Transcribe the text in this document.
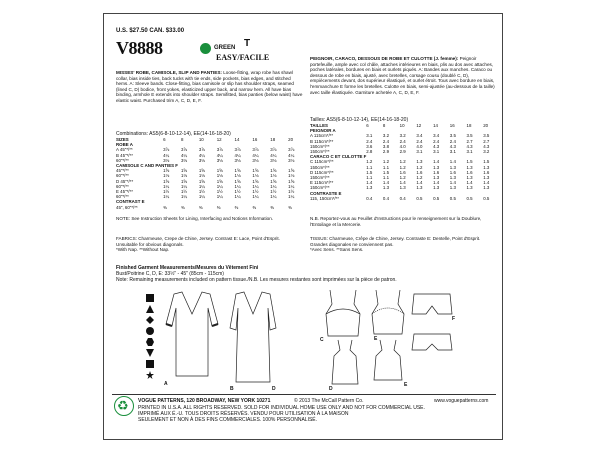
U.S. $27.50 CAN. $33.00
V8888	GREEN T
EASY/FACILE
MISSES' ROBE, CAMISOLE, SLIP AND PANTIES: Loose-fitting, wrap robe has shawl collar, bias inside ties, back tucks with tie ends, side pockets, bias edges, and stitched hems. A: Sleeve bands. Close-fitting, bias camisole or slip has shoulder straps, seamed (lined C, D) bodice, front yokes, elasticized upper back, and narrow hem. All have bias binding, armhole E extends into shoulder straps. Semifitted, bias panties (below waist) have elastic waist. Purchased trim A, C, D, E, F.
PEIGNOIR, CARACO, DESSOUS DE ROBE ET CULOTTE (J. femme): Peignoir portefeuille, ample avec col châle, attaches intérieures en biais, plis au dos avec attaches, poches latérales, bordures en biais et ourlets piqués. A: Bandes aux manches. Caraco ou dessous de robe en biais, ajusté, avec bretelles, corsage cousu (doublé C, D), empiècements devant, dos supérieur élastiqué, et ourlet étroit. Tous avec bordure en biais, l'emmanchure E forme les bretelles. Culotte en biais, semi-ajustée (au-dessous de la taille) avec taille élastiquée. Garniture achetée A, C, D, E, F.
Combinations: AS5(6-8-10-12-14), EE(14-16-18-20)
SIZES	6	8	10	12	14	16	18	20
ROBE A								
A 45"*/**	3⅞	3⅞	3⅞	3⅞	3⅞	3⅞	3⅞	3⅞
B 45"*/**	4¼	4¼	4¼	4¼	4¼	4¼	4¼	4¼
60"*/**	3⅛	3⅛	3⅛	3⅛	3⅛	3⅛	3⅛	3⅛
CAMISOLE C AND PANTIES F								
45"*/**	1⅝	1⅝	1⅝	1⅝	1⅝	1⅝	1⅝	1⅝
60"*/**	1⅛	1⅛	1⅛	1⅛	1⅛	1⅛	1⅛	1⅛
D 45"*/**	1⅝	1⅝	1⅝	1⅝	1⅝	1⅝	1⅝	1⅝
60"*/**	1¼	1¼	1¼	1¼	1¼	1¼	1¼	1¼
E 45"*/**	1½	1½	1½	1½	1½	1½	1½	1½
60"*/**	1¼	1¼	1¼	1¼	1¼	1¼	1¼	1¼
CONTRAST E								
45", 60"*/**	⅜	⅜	⅜	⅜	⅜	⅜	⅜	⅜
Tailles: AS5(6-8-10-12-14), EE(14-16-18-20)
TAILLES	6	8	10	12	14	16	18	20
PEIGNOIR A								
A 115cm*/**	3.1	3.2	3.2	3.4	3.4	3.5	3.5	3.5
B 115cm*/**	2.4	2.4	2.4	2.4	2.4	2.4	2.7	2.7
150cm*/**	3.6	3.8	4.0	4.0	4.3	4.3	4.3	4.3
150cm*/**	2.8	2.9	2.9	3.1	3.1	3.1	3.1	3.2
CARACO C ET CULOTTE F								
C 115cm*/**	1.2	1.2	1.2	1.3	1.4	1.4	1.5	1.5
150cm*/**	1.1	1.1	1.2	1.2	1.3	1.3	1.3	1.3
D 115cm*/**	1.5	1.5	1.6	1.6	1.6	1.6	1.6	1.6
150cm*/**	1.1	1.1	1.2	1.2	1.3	1.3	1.3	1.3
E 115cm*/**	1.4	1.4	1.4	1.4	1.4	1.4	1.4	1.4
150cm*/**	1.3	1.3	1.3	1.3	1.3	1.3	1.3	1.3
CONTRASTE E								
115, 150cm*/**	0.4	0.4	0.4	0.5	0.5	0.5	0.5	0.5
NOTE: See Instruction Sheets for Lining, Interfacing and Notions Information.	N.B. Reportez-vous au Feuillet d'Instructions pour le renseignement sur la Doublure, l'Entoilage et la Mercerie.
FABRICS: Charmeuse, Crepe de Chine, Jersey. Contrast E: Lace, Point d'Esprit.
Unsuitable for obvious diagonals.
*With Nap. **Without Nap.
TISSUS: Charmeuse, Crêpe de Chine, Jersey. Contraste E: Dentelle, Point d'Esprit.
Grandes diagonales ne conviennent pas.
*Avec Sens. **Sans Sens.
Finished Garment Measurements/Mesures du Vêtement Fini
Bust/Poitrine C, D, E: 33½" - 45" (85cm - 115cm)
Note: Remaining measurements included on pattern tissue./N.B. Les mesures restantes sont imprimées sur la pièce de patron.
A
B
C
D
E
F
D
E
♻
VOGUE PATTERNS, 120 BROADWAY, NEW YORK 10271	© 2013 The McCall Pattern Co.	www.voguepatterns.com
PRINTED IN U.S.A. ALL RIGHTS RESERVED. SOLD FOR INDIVIDUAL HOME USE ONLY AND NOT FOR COMMERCIAL USE.
IMPRIMÉ AUX É.-U. TOUS DROITS RÉSERVÉS. VENDU POUR UTILISATION À LA MAISON
SEULEMENT ET NON À DES FINS COMMERCIALES. 100% PERSONNALISÉ.
